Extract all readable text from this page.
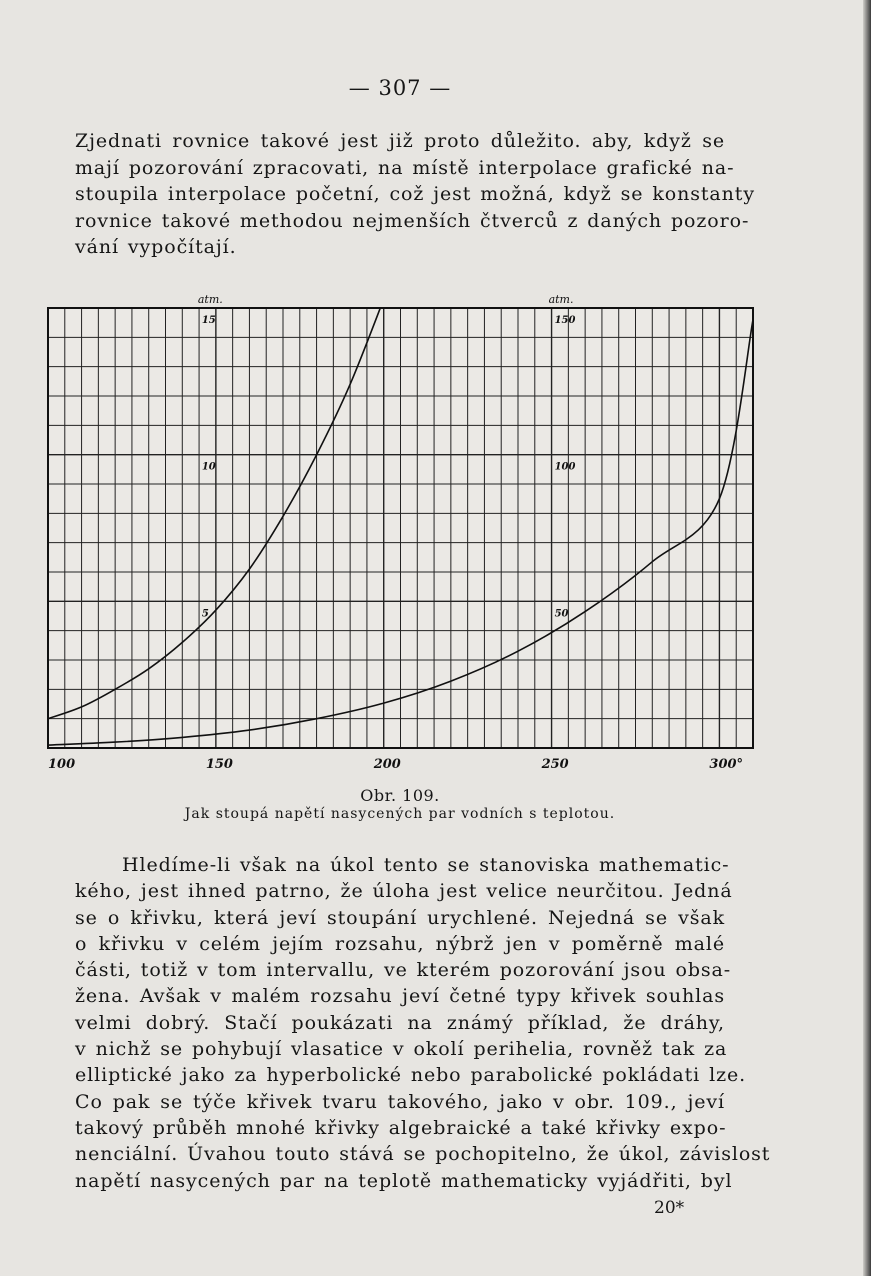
— 307 —
Zjednati rovnice takové jest již proto důležito. aby, když se
mají pozorování zpracovati, na místě interpolace grafické na-
stoupila interpolace početní, což jest možná, když se konstanty
rovnice takové methodou nejmenších čtverců z daných pozoro-
vání vypočítají.
100	150	200	250	300°
atm.
5
10
15
atm.
50
100
150
Obr. 109.
Jak stoupá napětí nasycených par vodních s teplotou.
Hledíme-li však na úkol tento se stanoviska mathematic-
kého, jest ihned patrno, že úloha jest velice neurčitou. Jedná
se o křivku, která jeví stoupání urychlené. Nejedná se však
o křivku v celém jejím rozsahu, nýbrž jen v poměrně malé
části, totiž v tom intervallu, ve kterém pozorování jsou obsa-
žena. Avšak v malém rozsahu jeví četné typy křivek souhlas
velmi dobrý. Stačí poukázati na známý příklad, že dráhy,
v nichž se pohybují vlasatice v okolí perihelia, rovněž tak za
elliptické jako za hyperbolické nebo parabolické pokládati lze.
Co pak se týče křivek tvaru takového, jako v obr. 109., jeví
takový průběh mnohé křivky algebraické a také křivky expo-
nenciální. Úvahou touto stává se pochopitelno, že úkol, závislost
napětí nasycených par na teplotě mathematicky vyjádřiti, byl
20*
